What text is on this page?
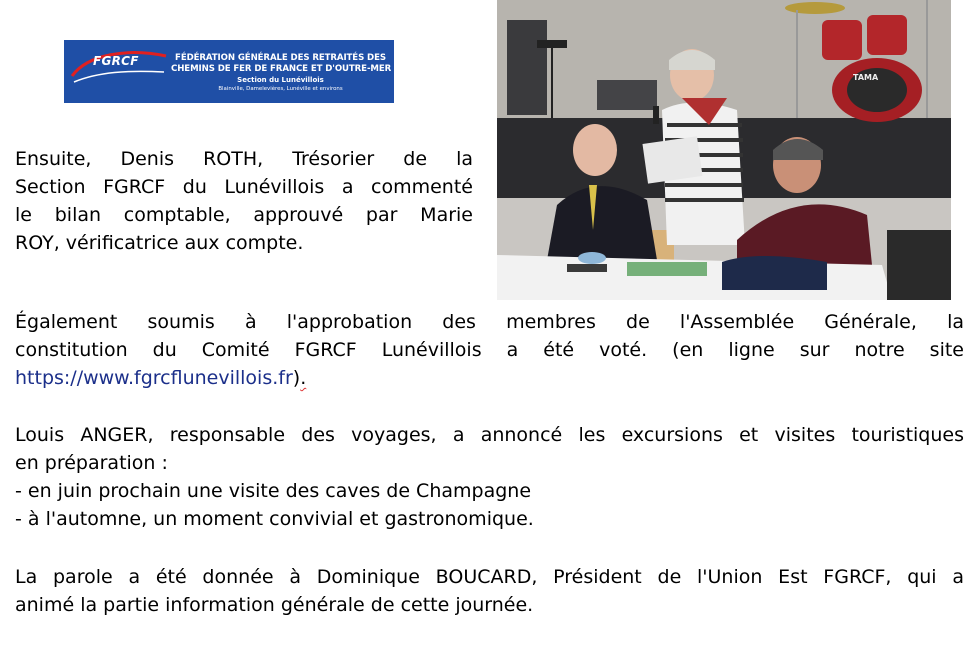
FGRCF	FÉDÉRATION GÉNÉRALE DES RETRAITÉS DES
CHEMINS DE FER DE FRANCE ET D'OUTRE-MER
Section du Lunévillois
Blainville, Damelevières, Lunéville et environs
TAMA
Ensuite, Denis ROTH, Trésorier de la
Section FGRCF du Lunévillois a commenté
le bilan comptable, approuvé par Marie
ROY, vérificatrice aux compte.
Également soumis à l'approbation des membres de l'Assemblée Générale, la
constitution du Comité FGRCF Lunévillois a été voté. (en ligne sur notre site
https://www.fgrcflunevillois.fr).
Louis ANGER, responsable des voyages, a annoncé les excursions et visites touristiques
en préparation :
- en juin prochain une visite des caves de Champagne
- à l'automne, un moment convivial et gastronomique.
La parole a été donnée à Dominique BOUCARD, Président de l'Union Est FGRCF, qui a
animé la partie information générale de cette journée.
